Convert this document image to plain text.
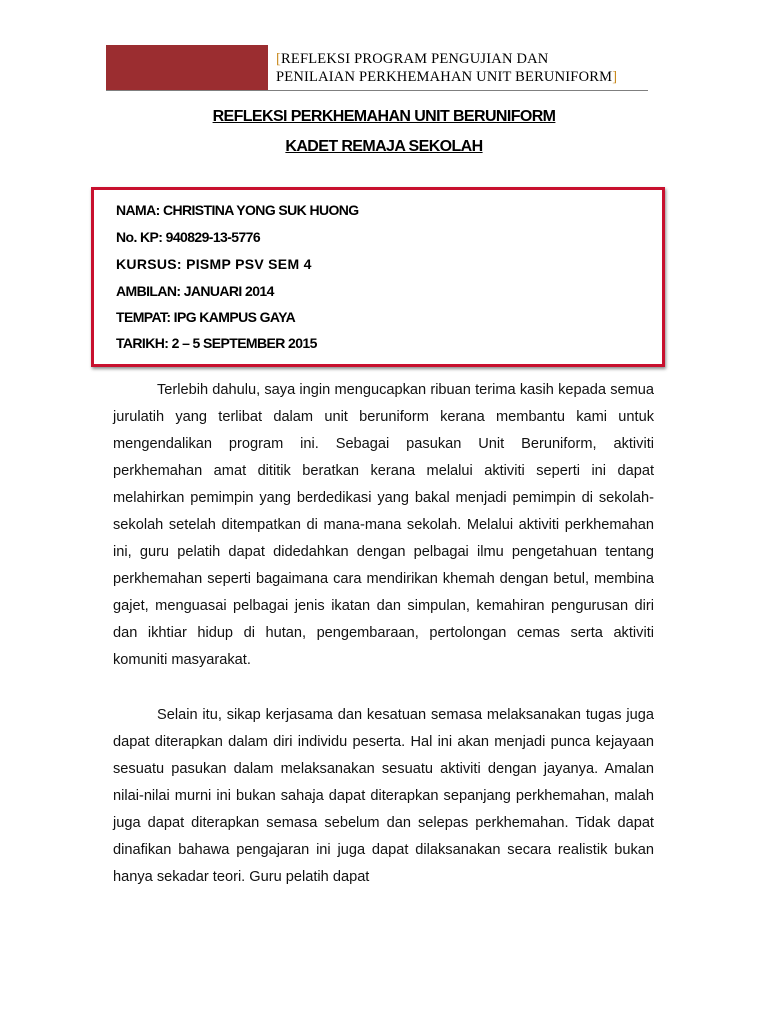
[REFLEKSI PROGRAM PENGUJIAN DAN
PENILAIAN PERKHEMAHAN UNIT BERUNIFORM]
REFLEKSI PERKHEMAHAN UNIT BERUNIFORM
KADET REMAJA SEKOLAH
NAMA: CHRISTINA YONG SUK HUONG
No. KP: 940829-13-5776
KURSUS: PISMP PSV SEM 4
AMBILAN: JANUARI 2014
TEMPAT: IPG KAMPUS GAYA
TARIKH: 2 – 5 SEPTEMBER 2015

Terlebih dahulu, saya ingin mengucapkan ribuan terima kasih kepada semua jurulatih yang terlibat dalam unit beruniform kerana membantu kami untuk mengendalikan program ini. Sebagai pasukan Unit Beruniform, aktiviti perkhemahan amat dititik beratkan kerana melalui aktiviti seperti ini dapat melahirkan pemimpin yang berdedikasi yang bakal menjadi pemimpin di sekolah-sekolah setelah ditempatkan di mana-mana sekolah. Melalui aktiviti perkhemahan ini, guru pelatih dapat didedahkan dengan pelbagai ilmu pengetahuan tentang perkhemahan seperti bagaimana cara mendirikan khemah dengan betul, membina gajet, menguasai pelbagai jenis ikatan dan simpulan, kemahiran pengurusan diri dan ikhtiar hidup di hutan, pengembaraan, pertolongan cemas serta aktiviti komuniti masyarakat.

Selain itu, sikap kerjasama dan kesatuan semasa melaksanakan tugas juga dapat diterapkan dalam diri individu peserta. Hal ini akan menjadi punca kejayaan sesuatu pasukan dalam melaksanakan sesuatu aktiviti dengan jayanya. Amalan nilai-nilai murni ini bukan sahaja dapat diterapkan sepanjang perkhemahan, malah juga dapat diterapkan semasa sebelum dan selepas perkhemahan. Tidak dapat dinafikan bahawa pengajaran ini juga dapat dilaksanakan secara realistik bukan hanya sekadar teori. Guru pelatih dapat
